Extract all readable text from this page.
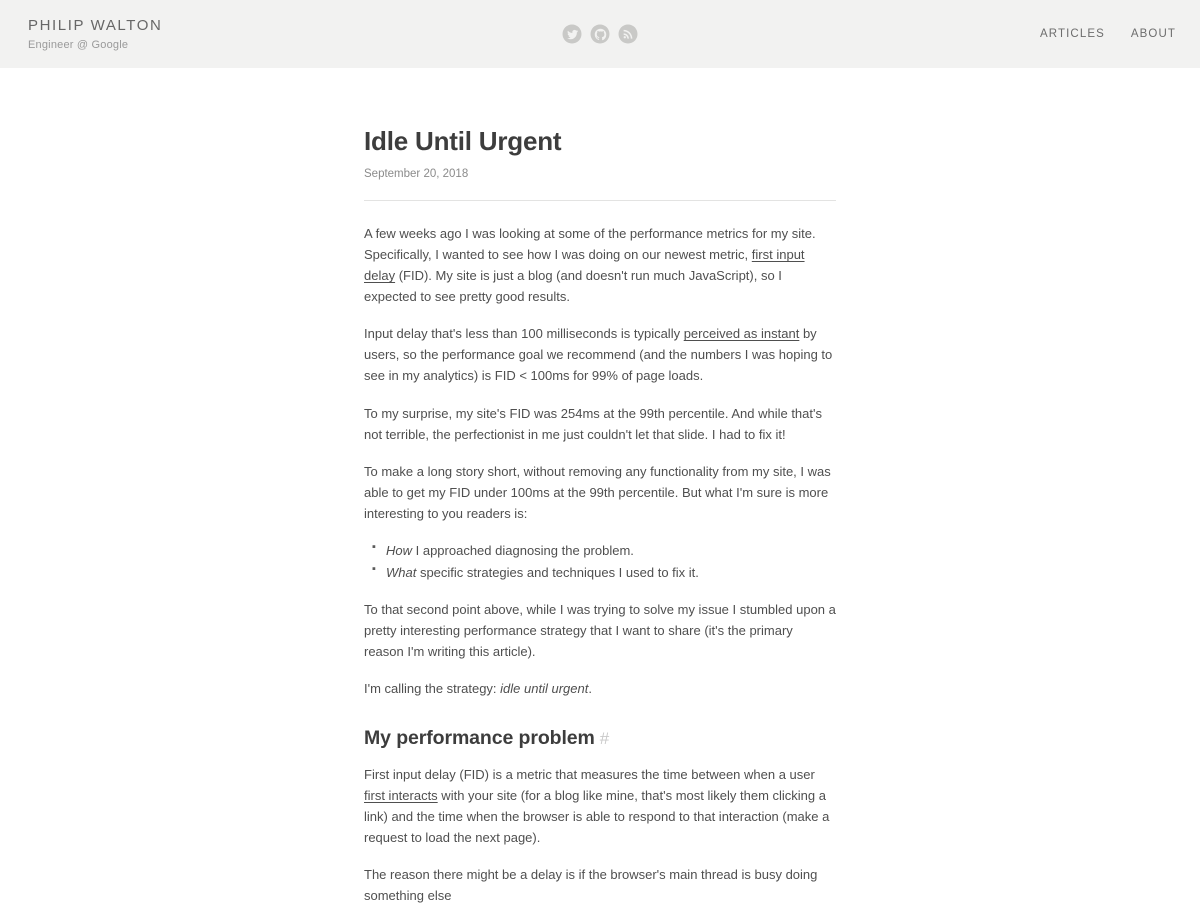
PHILIP WALTON
Engineer @ Google
ARTICLES ABOUT
Idle Until Urgent
September 20, 2018

A few weeks ago I was looking at some of the performance metrics for my site. Specifically, I wanted to see how I was doing on our newest metric, first input delay (FID). My site is just a blog (and doesn't run much JavaScript), so I expected to see pretty good results.

Input delay that's less than 100 milliseconds is typically perceived as instant by users, so the performance goal we recommend (and the numbers I was hoping to see in my analytics) is FID < 100ms for 99% of page loads.

To my surprise, my site's FID was 254ms at the 99th percentile. And while that's not terrible, the perfectionist in me just couldn't let that slide. I had to fix it!

To make a long story short, without removing any functionality from my site, I was able to get my FID under 100ms at the 99th percentile. But what I'm sure is more interesting to you readers is:

▪ How I approached diagnosing the problem.
▪ What specific strategies and techniques I used to fix it.

To that second point above, while I was trying to solve my issue I stumbled upon a pretty interesting performance strategy that I want to share (it's the primary reason I'm writing this article).

I'm calling the strategy: idle until urgent.

My performance problem #

First input delay (FID) is a metric that measures the time between when a user first interacts with your site (for a blog like mine, that's most likely them clicking a link) and the time when the browser is able to respond to that interaction (make a request to load the next page).

The reason there might be a delay is if the browser's main thread is busy doing something else
